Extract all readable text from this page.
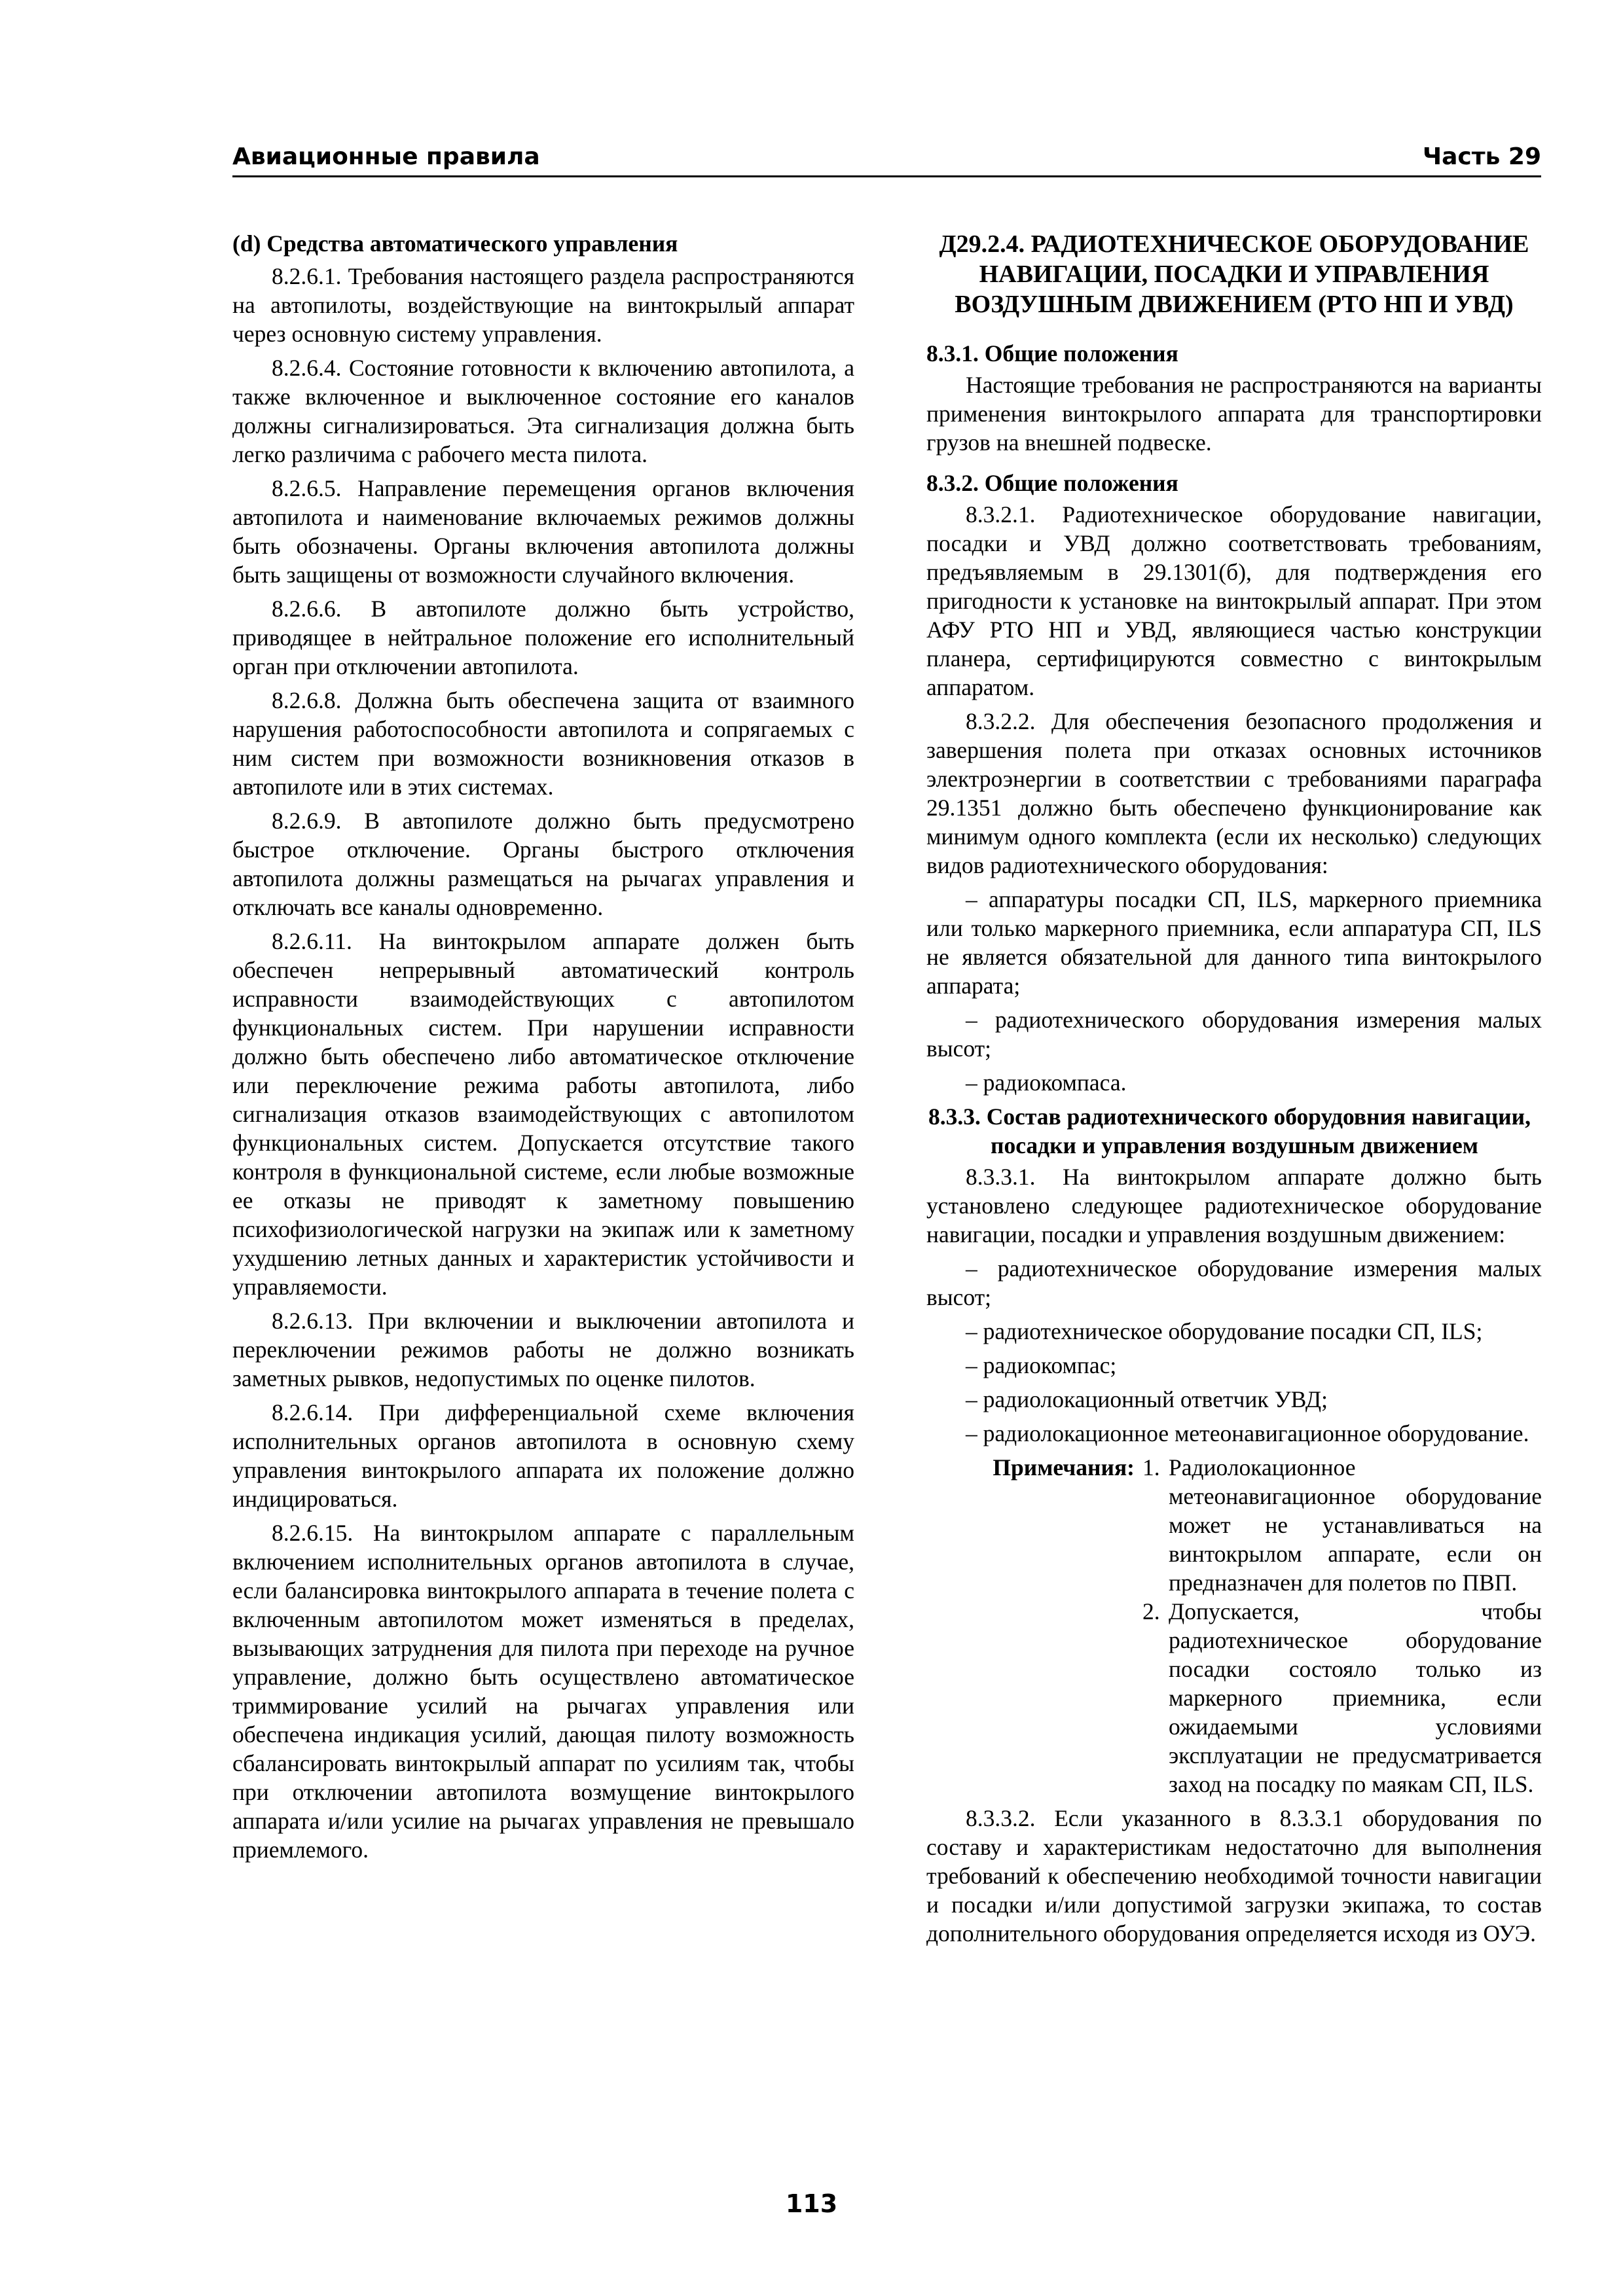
Авиационные правила	Часть 29
(d) Средства автоматического управления

8.2.6.1. Требования настоящего раздела распространяются на автопилоты, воздействующие на винтокрылый аппарат через основную систему управления.

8.2.6.4. Состояние готовности к включению автопилота, а также включенное и выключенное состояние его каналов должны сигнализироваться. Эта сигнализация должна быть легко различима с рабочего места пилота.

8.2.6.5. Направление перемещения органов включения автопилота и наименование включаемых режимов должны быть обозначены. Органы включения автопилота должны быть защищены от возможности случайного включения.

8.2.6.6. В автопилоте должно быть устройство, приводящее в нейтральное положение его исполнительный орган при отключении автопилота.

8.2.6.8. Должна быть обеспечена защита от взаимного нарушения работоспособности автопилота и сопрягаемых с ним систем при возможности возникновения отказов в автопилоте или в этих системах.

8.2.6.9. В автопилоте должно быть предусмотрено быстрое отключение. Органы быстрого отключения автопилота должны размещаться на рычагах управления и отключать все каналы одновременно.

8.2.6.11. На винтокрылом аппарате должен быть обеспечен непрерывный автоматический контроль исправности взаимодействующих с автопилотом функциональных систем. При нарушении исправности должно быть обеспечено либо автоматическое отключение или переключение режима работы автопилота, либо сигнализация отказов взаимодействующих с автопилотом функциональных систем. Допускается отсутствие такого контроля в функциональной системе, если любые возможные ее отказы не приводят к заметному повышению психофизиологической нагрузки на экипаж или к заметному ухудшению летных данных и характеристик устойчивости и управляемости.

8.2.6.13. При включении и выключении автопилота и переключении режимов работы не должно возникать заметных рывков, недопустимых по оценке пилотов.

8.2.6.14. При дифференциальной схеме включения исполнительных органов автопилота в основную схему управления винтокрылого аппарата их положение должно индицироваться.

8.2.6.15. На винтокрылом аппарате с параллельным включением исполнительных органов автопилота в случае, если балансировка винтокрылого аппарата в течение полета с включенным автопилотом может изменяться в пределах, вызывающих затруднения для пилота при переходе на ручное управление, должно быть осуществлено автоматическое триммирование усилий на рычагах управления или обеспечена индикация усилий, дающая пилоту возможность сбалансировать винтокрылый аппарат по усилиям так, чтобы при отключении автопилота возмущение винтокрылого аппарата и/или усилие на рычагах управления не превышало приемлемого.

Д29.2.4. РАДИОТЕХНИЧЕСКОЕ ОБОРУДОВАНИЕ НАВИГАЦИИ, ПОСАДКИ И УПРАВЛЕНИЯ ВОЗДУШНЫМ ДВИЖЕНИЕМ (РТО НП И УВД)
8.3.1. Общие положения

Настоящие требования не распространяются на варианты применения винтокрылого аппарата для транспортировки грузов на внешней подвеске.

8.3.2. Общие положения

8.3.2.1. Радиотехническое оборудование навигации, посадки и УВД должно соответствовать требованиям, предъявляемым в 29.1301(б), для подтверждения его пригодности к установке на винтокрылый аппарат. При этом АФУ РТО НП и УВД, являющиеся частью конструкции планера, сертифицируются совместно с винтокрылым аппаратом.

8.3.2.2. Для обеспечения безопасного продолжения и завершения полета при отказах основных источников электроэнергии в соответствии с требованиями параграфа 29.1351 должно быть обеспечено функционирование как минимум одного комплекта (если их несколько) следующих видов радиотехнического оборудования:

– аппаратуры посадки СП, ILS, маркерного приемника или только маркерного приемника, если аппаратура СП, ILS не является обязательной для данного типа винтокрылого аппарата;

– радиотехнического оборудования измерения малых высот;

– радиокомпаса.

8.3.3. Состав радиотехнического оборудовния навигации, посадки и управления воздушным движением

8.3.3.1. На винтокрылом аппарате должно быть установлено следующее радиотехническое оборудование навигации, посадки и управления воздушным движением:

– радиотехническое оборудование измерения малых высот;

– радиотехническое оборудование посадки СП, ILS;

– радиокомпас;

– радиолокационный ответчик УВД;

– радиолокационное метеонавигационное оборудование.

Примечания: 1. Радиолокационное метеонавигационное оборудование может не устанавливаться на винтокрылом аппарате, если он предназначен для полетов по ПВП.
2. Допускается, чтобы радиотехническое оборудование посадки состояло только из маркерного приемника, если ожидаемыми условиями эксплуатации не предусматривается заход на посадку по маякам СП, ILS.

8.3.3.2. Если указанного в 8.3.3.1 оборудования по составу и характеристикам недостаточно для выполнения требований к обеспечению необходимой точности навигации и посадки и/или допустимой загрузки экипажа, то состав дополнительного оборудования определяется исходя из ОУЭ.

113
